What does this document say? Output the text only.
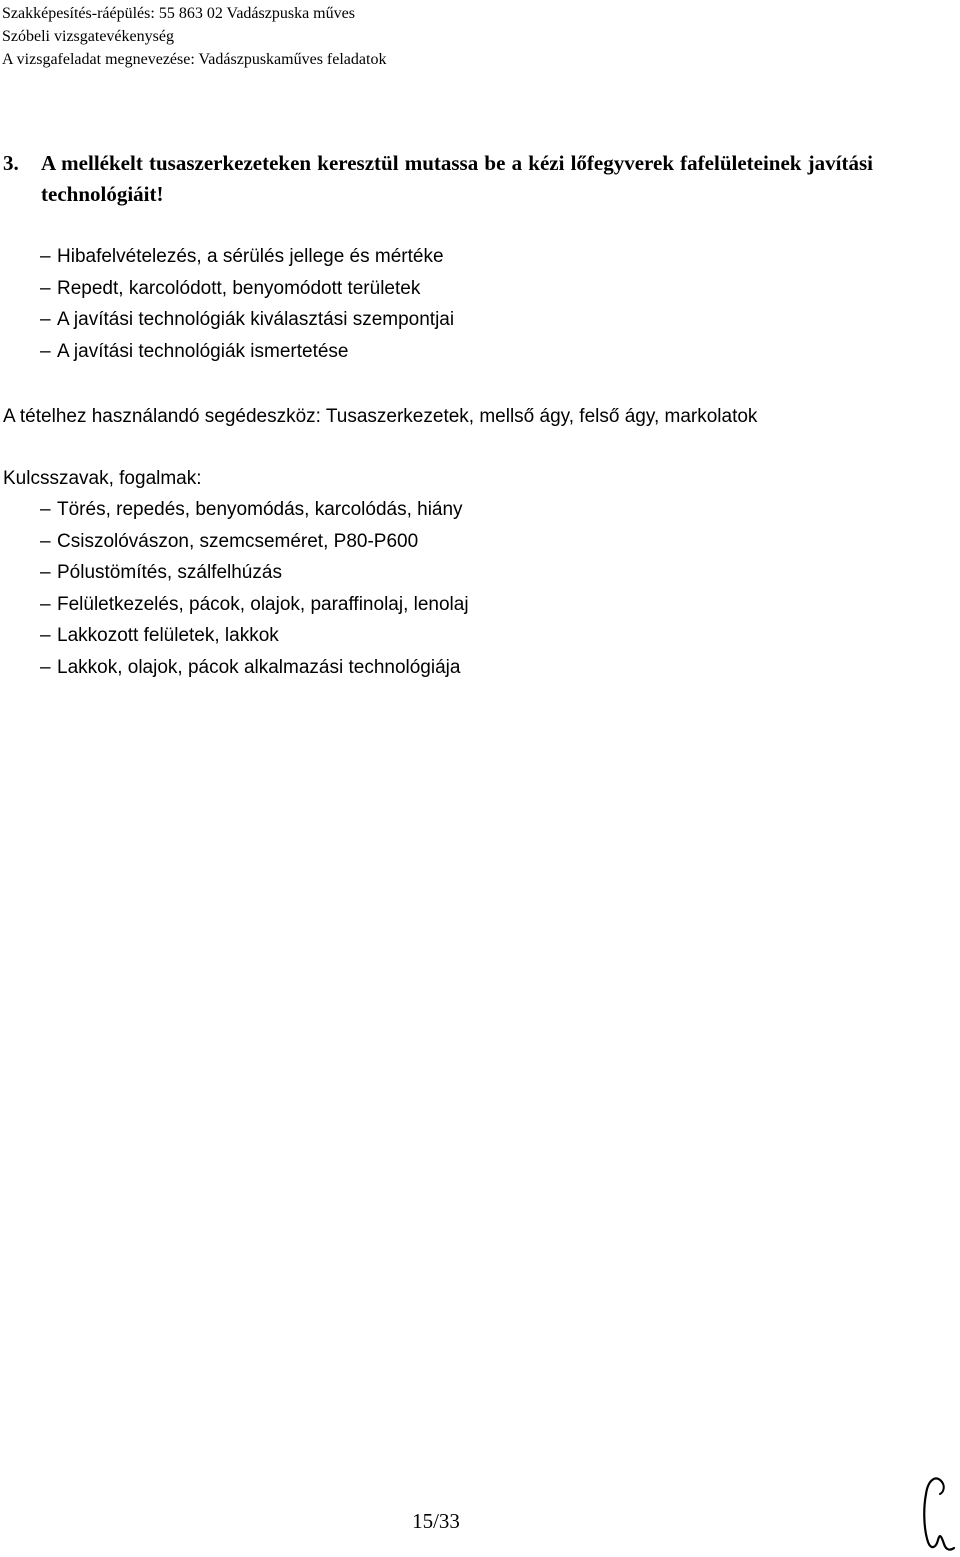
Szakképesítés-ráépülés: 55 863 02 Vadászpuska műves
Szóbeli vizsgatevékenység
A vizsgafeladat megnevezése: Vadászpuskaműves feladatok
3. A mellékelt tusaszerkezeteken keresztül mutassa be a kézi lőfegyverek fafelületeinek javítási technológiáit!
– Hibafelvételezés, a sérülés jellege és mértéke
– Repedt, karcolódott, benyomódott területek
– A javítási technológiák kiválasztási szempontjai
– A javítási technológiák ismertetése
A tételhez használandó segédeszköz: Tusaszerkezetek, mellső ágy, felső ágy, markolatok
Kulcsszavak, fogalmak:
– Törés, repedés, benyomódás, karcolódás, hiány
– Csiszolóvászon, szemcseméret, P80-P600
– Pólustömítés, szálfelhúzás
– Felületkezelés, pácok, olajok, paraffinolaj, lenolaj
– Lakkozott felületek, lakkok
– Lakkok, olajok, pácok alkalmazási technológiája
15/33
